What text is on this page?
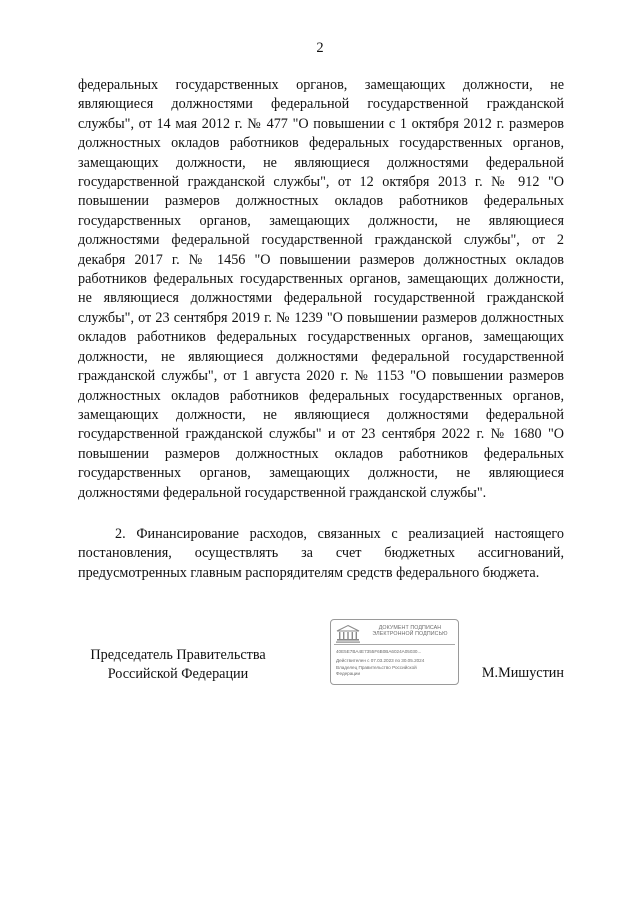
2

федеральных государственных органов, замещающих должности, не являющиеся должностями федеральной государственной гражданской службы", от 14 мая 2012 г. № 477 "О повышении с 1 октября 2012 г. размеров должностных окладов работников федеральных государственных органов, замещающих должности, не являющиеся должностями федеральной государственной гражданской службы", от 12 октября 2013 г. № 912 "О повышении размеров должностных окладов работников федеральных государственных органов, замещающих должности, не являющиеся должностями федеральной государственной гражданской службы", от 2 декабря 2017 г. № 1456 "О повышении размеров должностных окладов работников федеральных государственных органов, замещающих должности, не являющиеся должностями федеральной государственной гражданской службы", от 23 сентября 2019 г. № 1239 "О повышении размеров должностных окладов работников федеральных государственных органов, замещающих должности, не являющиеся должностями федеральной государственной гражданской службы", от 1 августа 2020 г. № 1153 "О повышении размеров должностных окладов работников федеральных государственных органов, замещающих должности, не являющиеся должностями федеральной государственной гражданской службы" и от 23 сентября 2022 г. № 1680 "О повышении размеров должностных окладов работников федеральных государственных органов, замещающих должности, не являющиеся должностями федеральной государственной гражданской службы".

2. Финансирование расходов, связанных с реализацией настоящего постановления, осуществлять за счет бюджетных ассигнований, предусмотренных главным распорядителям средств федерального бюджета.

Председатель Правительства
Российской Федерации
ДОКУМЕНТ ПОДПИСАН
ЭЛЕКТРОННОЙ ПОДПИСЬЮ
40E5E7BA4E7355F6B0BA6024A05030...
Действителен с 07.03.2023 по 30.05.2024
Владелец Правительство Российской
Федерации	М.Мишустин
